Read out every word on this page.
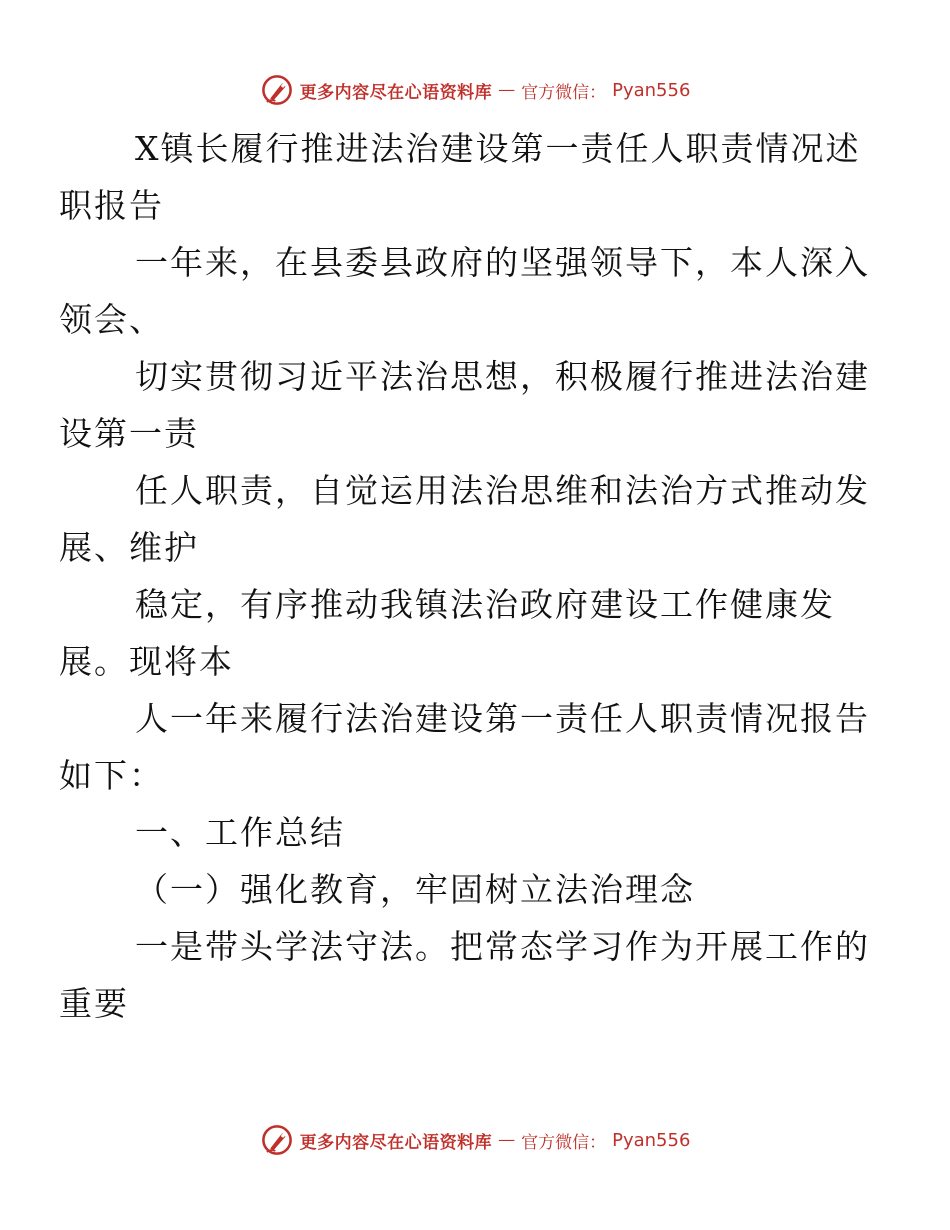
更多内容尽在心语资料库 — 官方微信： Pyan556

X镇长履行推进法治建设第一责任人职责情况述
职报告

一年来，在县委县政府的坚强领导下，本人深入
领会、

切实贯彻习近平法治思想，积极履行推进法治建
设第一责

任人职责，自觉运用法治思维和法治方式推动发
展、维护

稳定，有序推动我镇法治政府建设工作健康发
展。现将本

人一年来履行法治建设第一责任人职责情况报告
如下：

一、工作总结

（一）强化教育，牢固树立法治理念

一是带头学法守法。把常态学习作为开展工作的
重要

更多内容尽在心语资料库 — 官方微信： Pyan556
